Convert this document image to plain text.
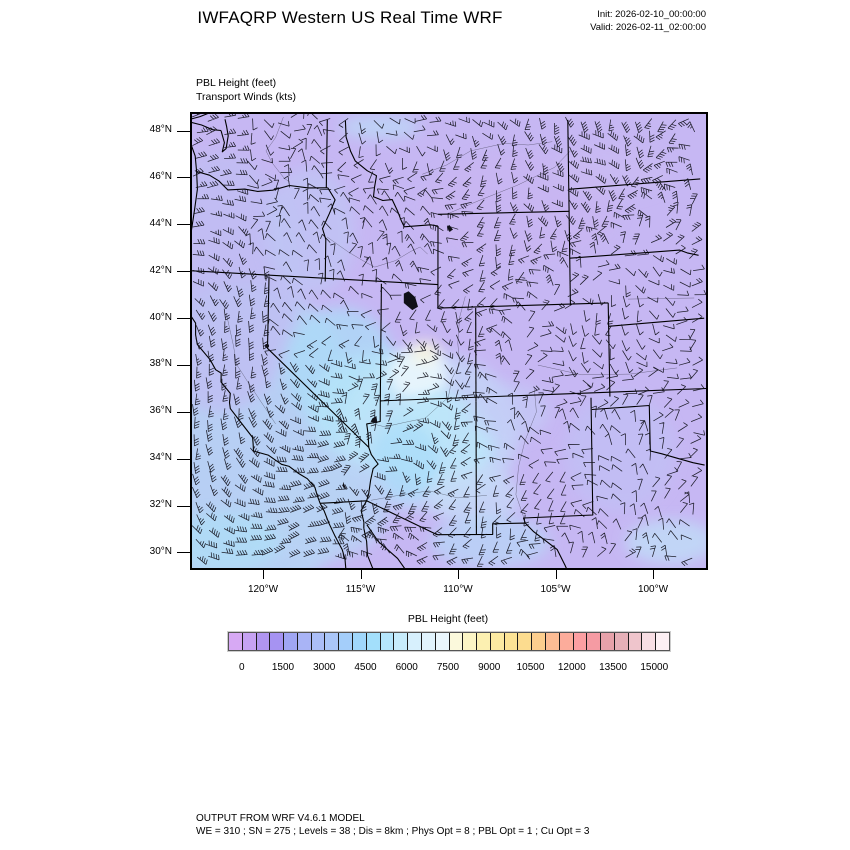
IWFAQRP Western US Real Time WRF	Init: 2026-02-10_00:00:00
Valid: 2026-02-11_02:00:00
PBL Height (feet)
Transport Winds (kts)
48°N
46°N
44°N
42°N
40°N
38°N
36°N
34°N
32°N
30°N
120°W	115°W	110°W	105°W	100°W
PBL Height (feet)
0	1500	3000	4500	6000	7500	9000	10500	12000	13500	15000
OUTPUT FROM WRF V4.6.1 MODEL
WE = 310 ; SN = 275 ; Levels = 38 ; Dis = 8km ; Phys Opt = 8 ; PBL Opt = 1 ; Cu Opt = 3
